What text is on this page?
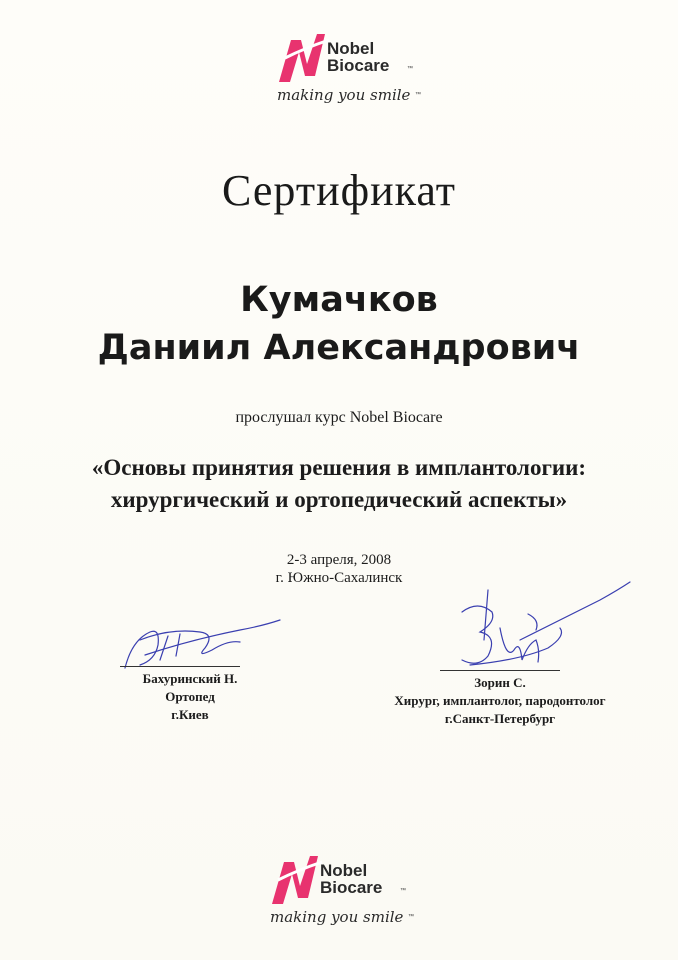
Nobel
Biocare	™
making you smile ™
Сертификат
Кумачков
Даниил Александрович
прослушал курс Nobel Biocare
«Основы принятия решения в имплантологии:
хирургический и ортопедический аспекты»
2-3 апреля, 2008
г. Южно-Сахалинск
Бахуринский Н.
Ортопед
г.Киев
Зорин С.
Хирург, имплантолог, пародонтолог
г.Санкт-Петербург
Nobel
Biocare	™
making you smile ™
